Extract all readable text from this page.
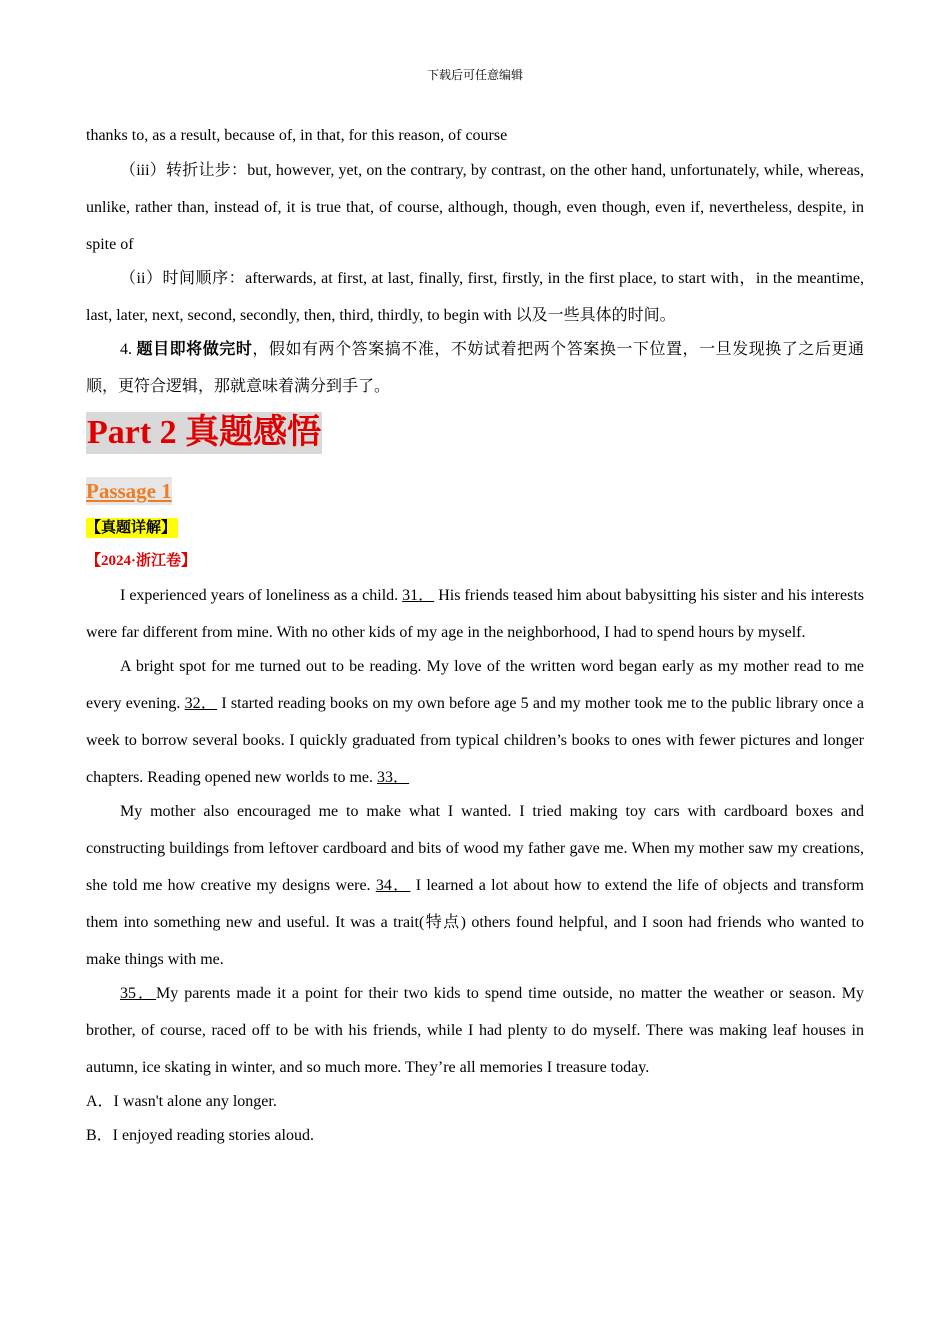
下载后可任意编辑

thanks to, as a result, because of, in that, for this reason, of course

（iii）转折让步：but, however, yet, on the contrary, by contrast, on the other hand, unfortunately, while, whereas, unlike, rather than, instead of, it is true that, of course, although, though, even though, even if, nevertheless, despite, in spite of

（ii）时间顺序：afterwards, at first, at last, finally, first, firstly, in the first place, to start with，in the meantime, last, later, next, second, secondly, then, third, thirdly, to begin with 以及一些具体的时间。

4. 题目即将做完时，假如有两个答案搞不准，不妨试着把两个答案换一下位置，一旦发现换了之后更通顺，更符合逻辑，那就意味着满分到手了。

Part 2 真题感悟
Passage 1
【真题详解】
【2024·浙江卷】

I experienced years of loneliness as a child. 31． His friends teased him about babysitting his sister and his interests were far different from mine. With no other kids of my age in the neighborhood, I had to spend hours by myself.

A bright spot for me turned out to be reading. My love of the written word began early as my mother read to me every evening. 32． I started reading books on my own before age 5 and my mother took me to the public library once a week to borrow several books. I quickly graduated from typical children’s books to ones with fewer pictures and longer chapters. Reading opened new worlds to me. 33．

My mother also encouraged me to make what I wanted. I tried making toy cars with cardboard boxes and constructing buildings from leftover cardboard and bits of wood my father gave me. When my mother saw my creations, she told me how creative my designs were. 34． I learned a lot about how to extend the life of objects and transform them into something new and useful. It was a trait(特点) others found helpful, and I soon had friends who wanted to make things with me.

35．My parents made it a point for their two kids to spend time outside, no matter the weather or season. My brother, of course, raced off to be with his friends, while I had plenty to do myself. There was making leaf houses in autumn, ice skating in winter, and so much more. They’re all memories I treasure today.

A．I wasn't alone any longer.

B．I enjoyed reading stories aloud.
